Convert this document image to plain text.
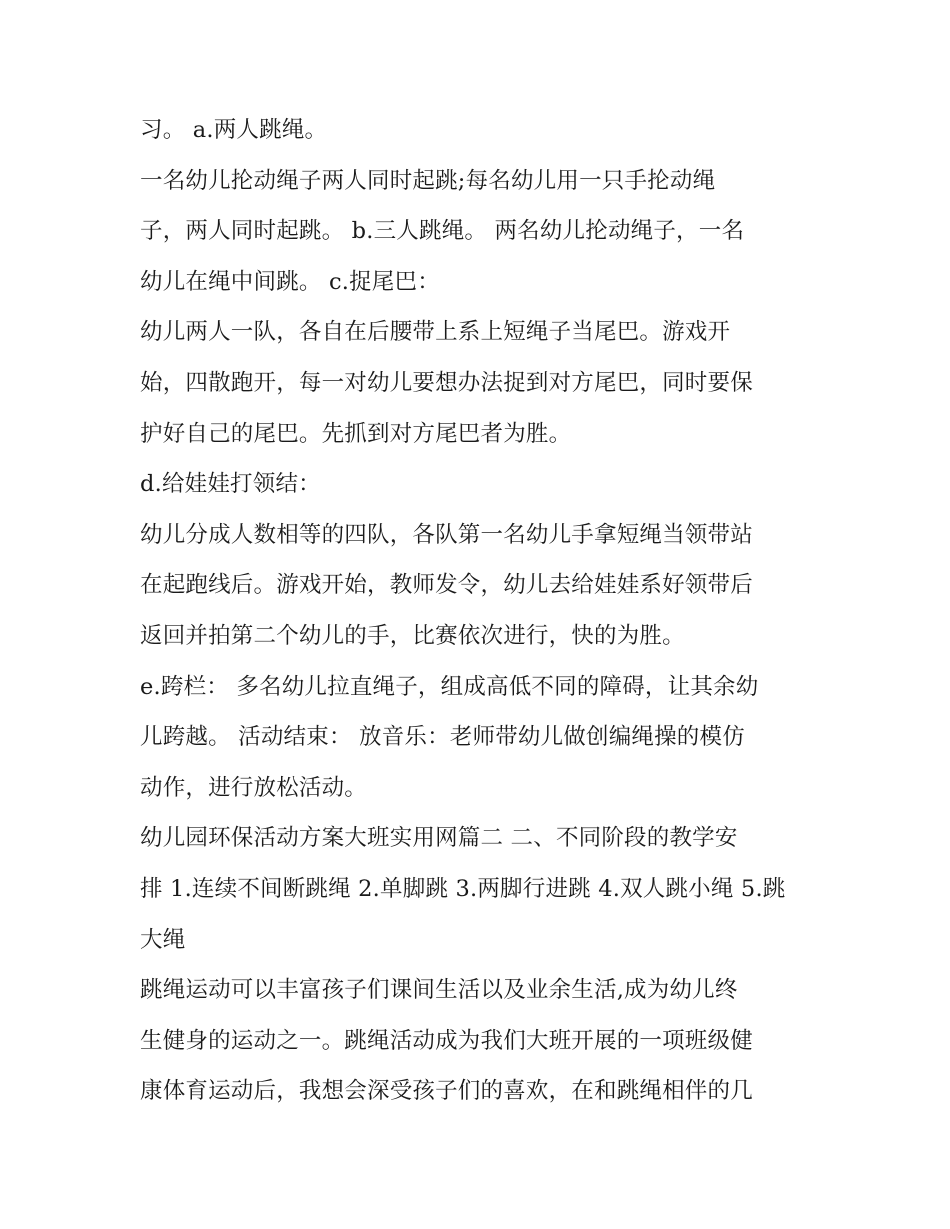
习。 a.两人跳绳。
一名幼儿抡动绳子两人同时起跳;每名幼儿用一只手抡动绳
子，两人同时起跳。 b.三人跳绳。 两名幼儿抡动绳子，一名
幼儿在绳中间跳。 c.捉尾巴：
幼儿两人一队，各自在后腰带上系上短绳子当尾巴。游戏开
始，四散跑开，每一对幼儿要想办法捉到对方尾巴，同时要保
护好自己的尾巴。先抓到对方尾巴者为胜。
d.给娃娃打领结：
幼儿分成人数相等的四队，各队第一名幼儿手拿短绳当领带站
在起跑线后。游戏开始，教师发令，幼儿去给娃娃系好领带后
返回并拍第二个幼儿的手，比赛依次进行，快的为胜。
e.跨栏： 多名幼儿拉直绳子，组成高低不同的障碍，让其余幼
儿跨越。 活动结束： 放音乐：老师带幼儿做创编绳操的模仿
动作，进行放松活动。
幼儿园环保活动方案大班实用网篇二 二、不同阶段的教学安
排 1.连续不间断跳绳 2.单脚跳 3.两脚行进跳 4.双人跳小绳 5.跳
大绳
跳绳运动可以丰富孩子们课间生活以及业余生活,成为幼儿终
生健身的运动之一。跳绳活动成为我们大班开展的一项班级健
康体育运动后，我想会深受孩子们的喜欢，在和跳绳相伴的几
